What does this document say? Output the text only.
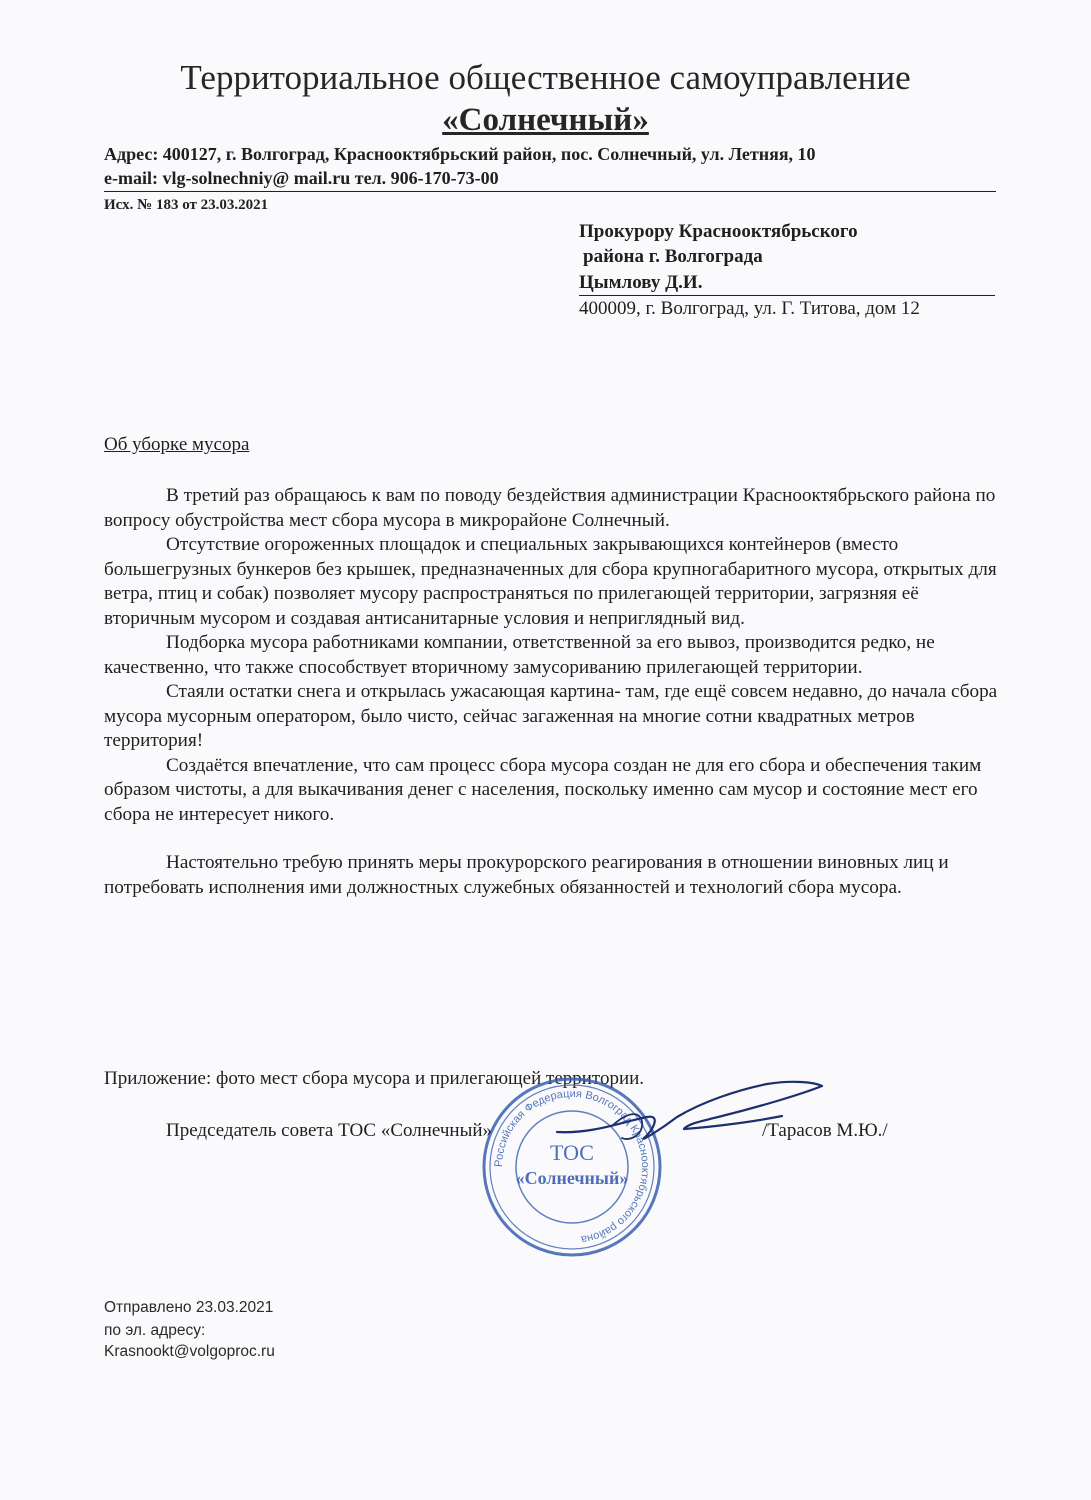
Территориальное общественное самоуправление
«Солнечный»
Адрес: 400127, г. Волгоград, Краснооктябрьский район, пос. Солнечный, ул. Летняя, 10
e-mail: vlg-solnechniy@ mail.ru тел. 906-170-73-00
Исх. № 183 от 23.03.2021
Прокурору Краснооктябрьского
района г. Волгограда
Цымлову Д.И.
400009, г. Волгоград, ул. Г. Титова, дом 12
Об уборке мусора

В третий раз обращаюсь к вам по поводу бездействия администрации Краснооктябрьского района по вопросу обустройства мест сбора мусора в микрорайоне Солнечный.

Отсутствие огороженных площадок и специальных закрывающихся контейнеров (вместо большегрузных бункеров без крышек, предназначенных для сбора крупногабаритного мусора, открытых для ветра, птиц и собак) позволяет мусору распространяться по прилегающей территории, загрязняя её вторичным мусором и создавая антисанитарные условия и неприглядный вид.

Подборка мусора работниками компании, ответственной за его вывоз, производится редко, не качественно, что также способствует вторичному замусориванию прилегающей территории.

Стаяли остатки снега и открылась ужасающая картина- там, где ещё совсем недавно, до начала сбора мусора мусорным оператором, было чисто, сейчас загаженная на многие сотни квадратных метров территория!

Создаётся впечатление, что сам процесс сбора мусора создан не для его сбора и обеспечения таким образом чистоты, а для выкачивания денег с населения, поскольку именно сам мусор и состояние мест его сбора не интересует никого.

Настоятельно требую принять меры прокурорского реагирования в отношении виновных лиц и потребовать исполнения ими должностных служебных обязанностей и технологий сбора мусора.

Приложение: фото мест сбора мусора и прилегающей территории.
Российская Федерация Волгоград Краснооктябрьского района
ТОС
«Солнечный»
Председатель совета ТОС «Солнечный»	/Тарасов М.Ю./
Отправлено 23.03.2021
по эл. адресу:
Krasnookt@volgoproc.ru
